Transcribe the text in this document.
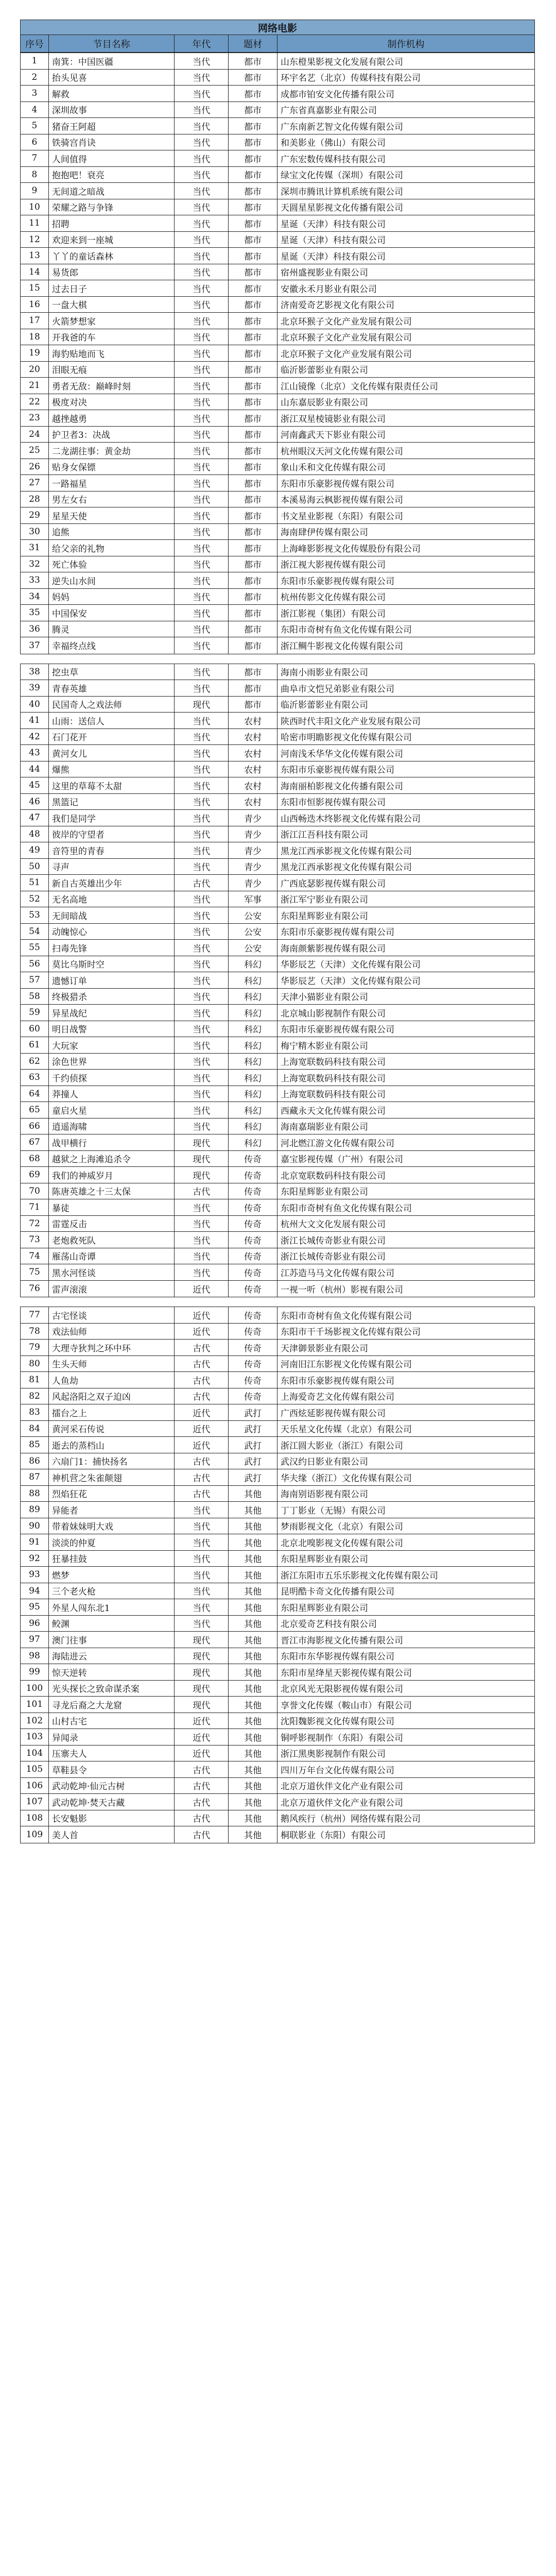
网络电影
序号	节目名称	年代	题材	制作机构
1	南箕：中国医疆	当代	都市	山东橙果影视文化发展有限公司
2	抬头见喜	当代	都市	环宇名艺（北京）传媒科技有限公司
3	解救	当代	都市	成都市铂安文化传播有限公司
4	深圳故事	当代	都市	广东省真嘉影业有限公司
5	猪奋王阿超	当代	都市	广东南新艺智文化传媒有限公司
6	铁骑宫肖诀	当代	都市	和美影业（佛山）有限公司
7	人间值得	当代	都市	广东宏数传媒科技有限公司
8	抱抱吧！衰亮	当代	都市	绿宝文化传媒（深圳）有限公司
9	无间道之暗战	当代	都市	深圳市腾讯计算机系统有限公司
10	荣耀之路与争锋	当代	都市	天圆星星影视文化传播有限公司
11	招聘	当代	都市	星诞（天津）科技有限公司
12	欢迎来到一座城	当代	都市	星诞（天津）科技有限公司
13	丫丫的童话森林	当代	都市	星诞（天津）科技有限公司
14	易货郎	当代	都市	宿州盛视影业有限公司
15	过去日子	当代	都市	安徽永禾月影业有限公司
16	一盘大棋	当代	都市	济南爱奇艺影视文化有限公司
17	火箭梦想家	当代	都市	北京环猴子文化产业发展有限公司
18	开我爸的车	当代	都市	北京环猴子文化产业发展有限公司
19	海豹贴地而飞	当代	都市	北京环猴子文化产业发展有限公司
20	泪眼无痕	当代	都市	临沂影蕾影业有限公司
21	勇者无敌：巅峰时刻	当代	都市	江山镜像（北京）文化传媒有限责任公司
22	极度对决	当代	都市	山东嘉辰影业有限公司
23	越挫越勇	当代	都市	浙江双星棱镜影业有限公司
24	护卫者3：决战	当代	都市	河南鑫武天下影业有限公司
25	二龙湖往事：黄金劫	当代	都市	杭州眼汉天河文化传媒有限公司
26	贴身女保镖	当代	都市	象山禾和文化传媒有限公司
27	一路福星	当代	都市	东阳市乐豪影视传媒有限公司
28	男左女右	当代	都市	本溪易海云枫影视传媒有限公司
29	星星天使	当代	都市	书文星业影视（东阳）有限公司
30	追熊	当代	都市	海南肆伊传媒有限公司
31	给父亲的礼物	当代	都市	上海峰影影视文化传媒股份有限公司
32	死亡体验	当代	都市	浙江视大影视传媒有限公司
33	逆失山水间	当代	都市	东阳市乐豪影视传媒有限公司
34	妈妈	当代	都市	杭州传影文化传媒有限公司
35	中国保安	当代	都市	浙江影视（集团）有限公司
36	腾灵	当代	都市	东阳市奇树有鱼文化传媒有限公司
37	幸福终点线	当代	都市	浙江鲷牛影视文化传媒有限公司
38	挖虫草	当代	都市	海南小雨影业有限公司
39	青春英雄	当代	都市	曲阜市文恺兄弟影业有限公司
40	民国奇人之戏法师	现代	都市	临沂影蕾影业有限公司
41	山雨：送信人	当代	农村	陕西时代丰阳文化产业发展有限公司
42	石门花开	当代	农村	哈密市明瞻影视文化传媒有限公司
43	黄河女儿	当代	农村	河南浅禾华华文化传媒有限公司
44	爆熊	当代	农村	东阳市乐豪影视传媒有限公司
45	这里的草莓不太甜	当代	农村	海南丽柏影视文化传播有限公司
46	黑篮记	当代	农村	东阳市恒影视传媒有限公司
47	我们是同学	当代	青少	山西畅迭木终影视文化传媒有限公司
48	彼岸的守望者	当代	青少	浙江江吾科技有限公司
49	音符里的青春	当代	青少	黑龙江西承影视文化传媒有限公司
50	寻声	当代	青少	黑龙江西承影视文化传媒有限公司
51	新自古英雄出少年	古代	青少	广西底瑟影视传媒有限公司
52	无名高地	当代	军事	浙江军宁影业有限公司
53	无间暗战	当代	公安	东阳星辉影业有限公司
54	动魄惊心	当代	公安	东阳市乐豪影视传媒有限公司
55	扫毒先锋	当代	公安	海南颜紫影视传媒有限公司
56	莫比乌斯时空	当代	科幻	华影辰艺（天津）文化传媒有限公司
57	遗憾订单	当代	科幻	华影辰艺（天津）文化传媒有限公司
58	终极猎杀	当代	科幻	天津小猫影业有限公司
59	异星战纪	当代	科幻	北京城山影视制作有限公司
60	明日战警	当代	科幻	东阳市乐豪影视传媒有限公司
61	大玩家	当代	科幻	梅宁精木影业有限公司
62	涂色世界	当代	科幻	上海宽联数码科技有限公司
63	千约侦探	当代	科幻	上海宽联数码科技有限公司
64	莽撞人	当代	科幻	上海宽联数码科技有限公司
65	童启火星	当代	科幻	西藏永天文化传媒有限公司
66	逍遥海啸	当代	科幻	海南嘉瑞影业有限公司
67	战甲横行	现代	科幻	河北燃江游文化传媒有限公司
68	越狱之上海滩追杀令	现代	传奇	嘉宝影视传媒（广州）有限公司
69	我们的神威岁月	现代	传奇	北京宽联数码科技有限公司
70	陈唐英雄之十三太保	古代	传奇	东阳星辉影业有限公司
71	暴徒	当代	传奇	东阳市奇树有鱼文化传媒有限公司
72	雷霆反击	当代	传奇	杭州大文文化发展有限公司
73	老炮救死队	当代	传奇	浙江长城传奇影业有限公司
74	雁荡山奇谭	当代	传奇	浙江长城传奇影业有限公司
75	黑水河怪谈	当代	传奇	江苏造马马文化传媒有限公司
76	雷声滚滚	近代	传奇	一视一听（杭州）影视有限公司
77	古宅怪谈	近代	传奇	东阳市奇树有鱼文化传媒有限公司
78	戏法仙师	近代	传奇	东阳市干千场影视文化传媒有限公司
79	大理寺狄判之环中环	古代	传奇	天津御景影业有限公司
80	生头天师	古代	传奇	河南旧江东影视文化传媒有限公司
81	人鱼劫	古代	传奇	东阳市乐豪影视传媒有限公司
82	风起洛阳之双子迫凶	古代	传奇	上海爱奇艺文化传媒有限公司
83	擂台之上	近代	武打	广西炫延影视传媒有限公司
84	黄河采石传说	近代	武打	天乐星文化传媒（北京）有限公司
85	逝去的蒸档山	近代	武打	浙江圆大影业（浙江）有限公司
86	六扇门1：捕快扬名	古代	武打	武汉约日影业有限公司
87	神机营之朱雀颠翅	古代	武打	华夫缘（浙江）文化传媒有限公司
88	烈焰狂花	古代	其他	海南别语影视有限公司
89	异能者	当代	其他	丁丁影业（无锡）有限公司
90	带着妹妹明大戏	当代	其他	梦雨影视文化（北京）有限公司
91	淡淡的仲夏	当代	其他	北京北嗅影视文化传媒有限公司
92	狂暴挂鼓	当代	其他	东阳星辉影业有限公司
93	燃梦	当代	其他	浙江东阳市五乐乐影视文化传媒有限公司
94	三个老火枪	当代	其他	昆明酷卡奇文化传播有限公司
95	外星人闯东北1	当代	其他	东阳星辉影业有限公司
96	鲛渊	当代	其他	北京爱奇艺科技有限公司
97	澳门往事	现代	其他	晋江市海影视文化传播有限公司
98	海陆进云	现代	其他	东阳市东华影视传媒有限公司
99	惊天逆转	现代	其他	东阳市星绛星天影视传媒有限公司
100	光头探长之致命谋杀案	现代	其他	北京风光无限影视传媒有限公司
101	寻龙后裔之大龙窟	现代	其他	享誉文化传媒（鞍山市）有限公司
102	山村古宅	近代	其他	沈阳魏影视文化传媒有限公司
103	异闻录	近代	其他	铜呼影视制作（东阳）有限公司
104	压寨夫人	近代	其他	浙江黑奥影视制作有限公司
105	草鞋县令	古代	其他	四川万年台文化传媒有限公司
106	武动乾坤·仙元古树	古代	其他	北京万道伙伴文化产业有限公司
107	武动乾坤·焚天古藏	古代	其他	北京万道伙伴文化产业有限公司
108	长安魁影	古代	其他	鹅风疾行（杭州）网络传媒有限公司
109	美人首	古代	其他	桐联影业（东阳）有限公司
